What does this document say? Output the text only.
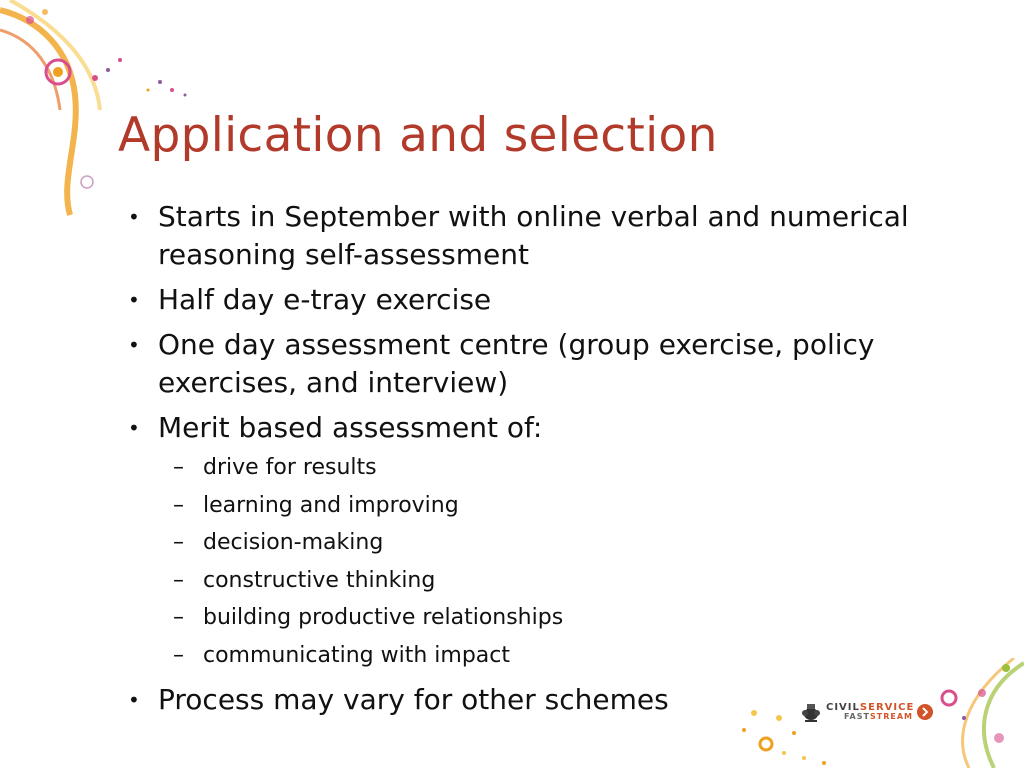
Application and selection
• Starts in September with online verbal and numerical reasoning self-assessment
• Half day e-tray exercise
• One day assessment centre (group exercise, policy exercises, and interview)
• Merit based assessment of:
– drive for results
– learning and improving
– decision-making
– constructive thinking
– building productive relationships
– communicating with impact
• Process may vary for other schemes	CIVILSERVICE
FASTSTREAM
